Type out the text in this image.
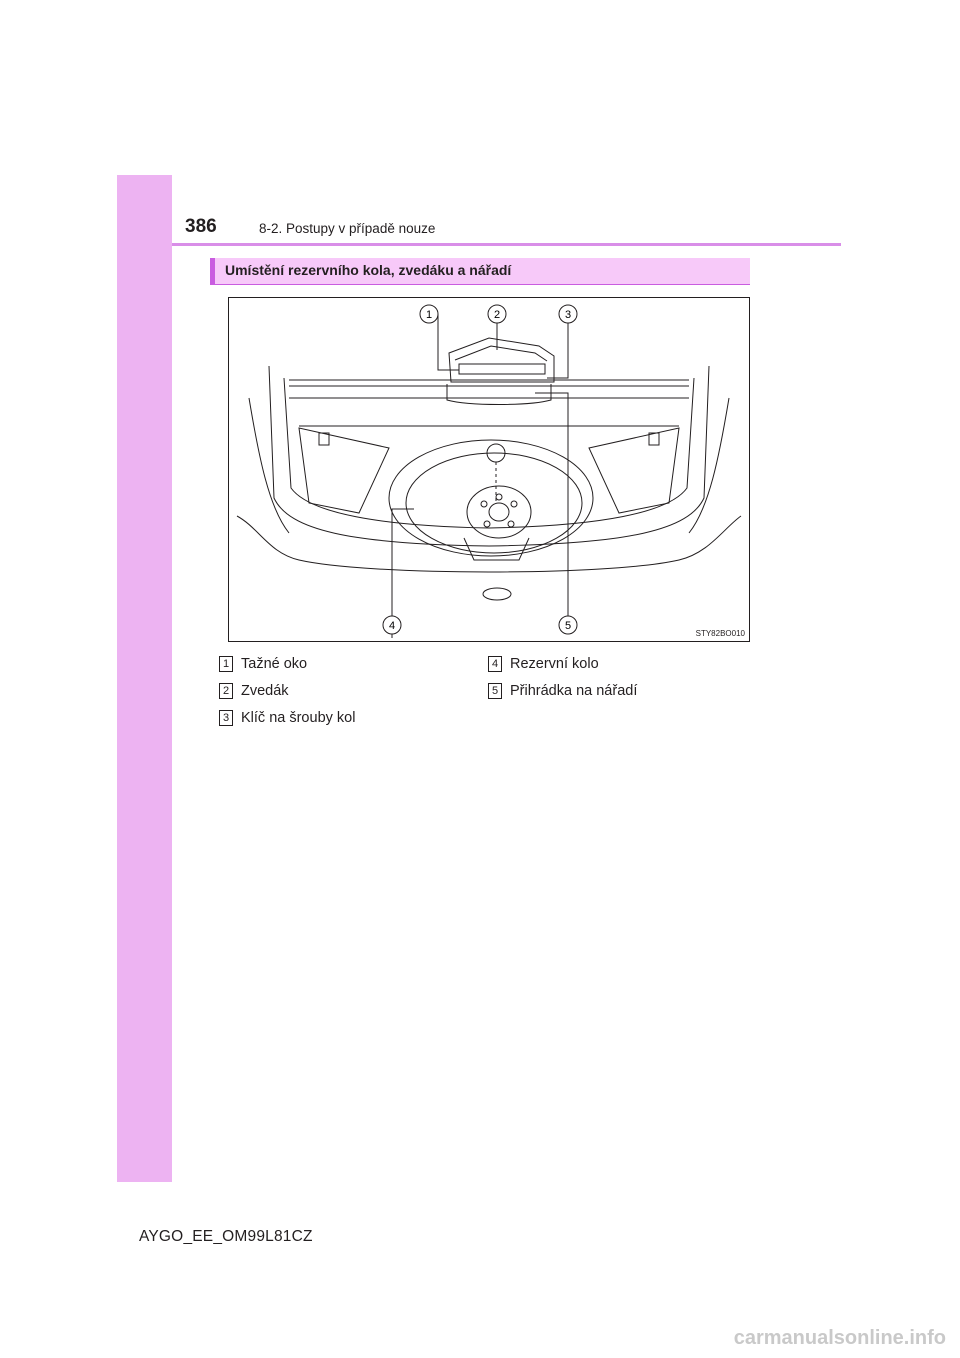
386	8-2. Postupy v případě nouze
Umístění rezervního kola, zvedáku a nářadí
1	2	3
4	5
STY82BO010
1 Tažné oko
2 Zvedák
3 Klíč na šrouby kol
4 Rezervní kolo
5 Přihrádka na nářadí
AYGO_EE_OM99L81CZ
carmanualsonline.info
